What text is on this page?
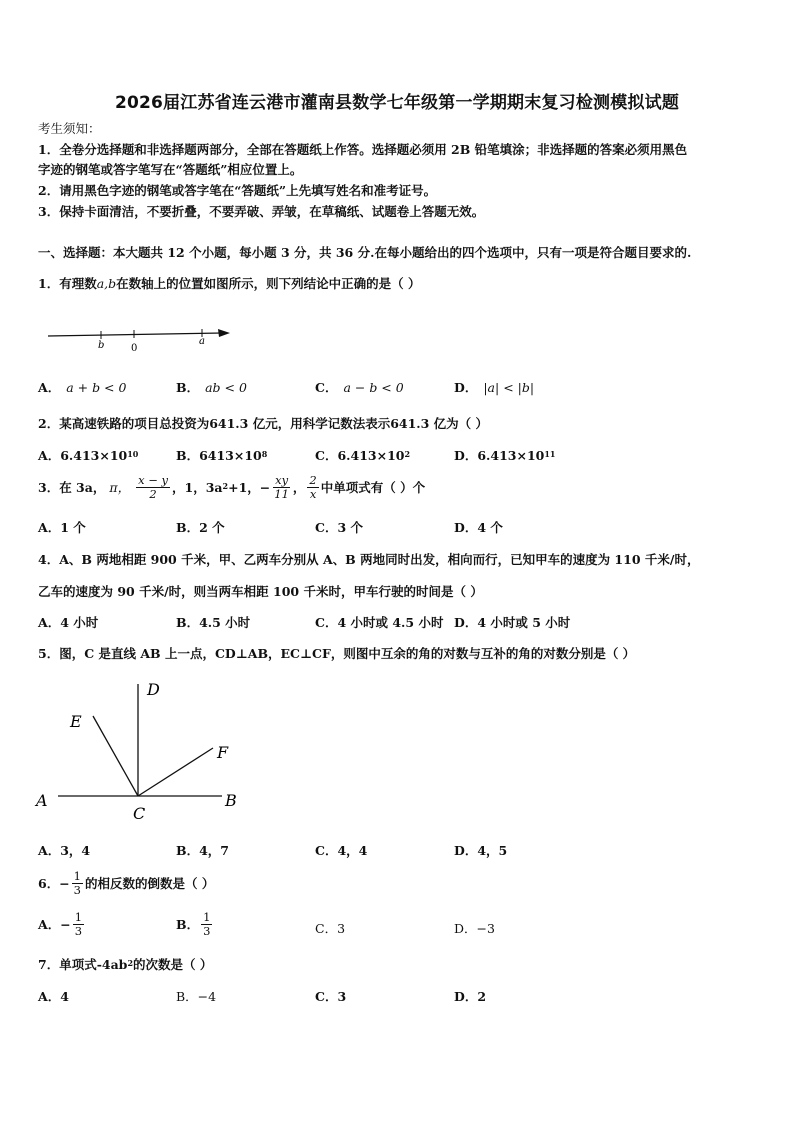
2026届江苏省连云港市灌南县数学七年级第一学期期末复习检测模拟试题
考生须知：
1．全卷分选择题和非选择题两部分，全部在答题纸上作答。选择题必须用 2B 铅笔填涂；非选择题的答案必须用黑色
字迹的钢笔或答字笔写在“答题纸”相应位置上。
2．请用黑色字迹的钢笔或答字笔在“答题纸”上先填写姓名和准考证号。
3．保持卡面清洁，不要折叠，不要弄破、弄皱，在草稿纸、试题卷上答题无效。
一、选择题：本大题共 12 个小题，每小题 3 分，共 36 分.在每小题给出的四个选项中，只有一项是符合题目要求的.
1．有理数a,b在数轴上的位置如图所示，则下列结论中正确的是（ ）
b	0
a
A． a + b < 0	B． ab < 0	C． a − b < 0	D． |a| < |b|
2．某高速铁路的项目总投资为641.3 亿元，用科学记数法表示641.3 亿为（ ）
A．$6.413\times 10^{10}$	B．$6413\times 10^8$	C．$6.413\times 10^2$	D．$6.413\times 10^{11}$
3．在 3a， π， $\frac{x - y}{2}$ ，1，$3a^2 +1$，− $\frac{xy}{11}$ ， $\frac{2}{x}$ 中单项式有（ ）个
A．1 个	B．2 个	C．3 个	D．4 个
4．A、B 两地相距 900 千米，甲、乙两车分别从 A、B 两地同时出发，相向而行，已知甲车的速度为 110 千米/时，
乙车的速度为 90 千米/时，则当两车相距 100 千米时，甲车行驶的时间是（ ）
A．4 小时	B．4.5 小时	C．4 小时或 4.5 小时 D．4 小时或 5 小时
5．图，C 是直线 AB 上一点，CD⊥AB，EC⊥CF，则图中互余的角的对数与互补的角的对数分别是（ ）
A	B
C
D
E
F
A．3，4	B．4，7	C．4，4	D．4，5
6．− $\frac{1}{3}$ 的相反数的倒数是（ ）
A．− $\frac{1}{3}$	B． $\frac{1}{3}$	C．3	D．−3
7．单项式$-4ab^2$的次数是（ ）
A．4	B．−4	C．3	D．2
